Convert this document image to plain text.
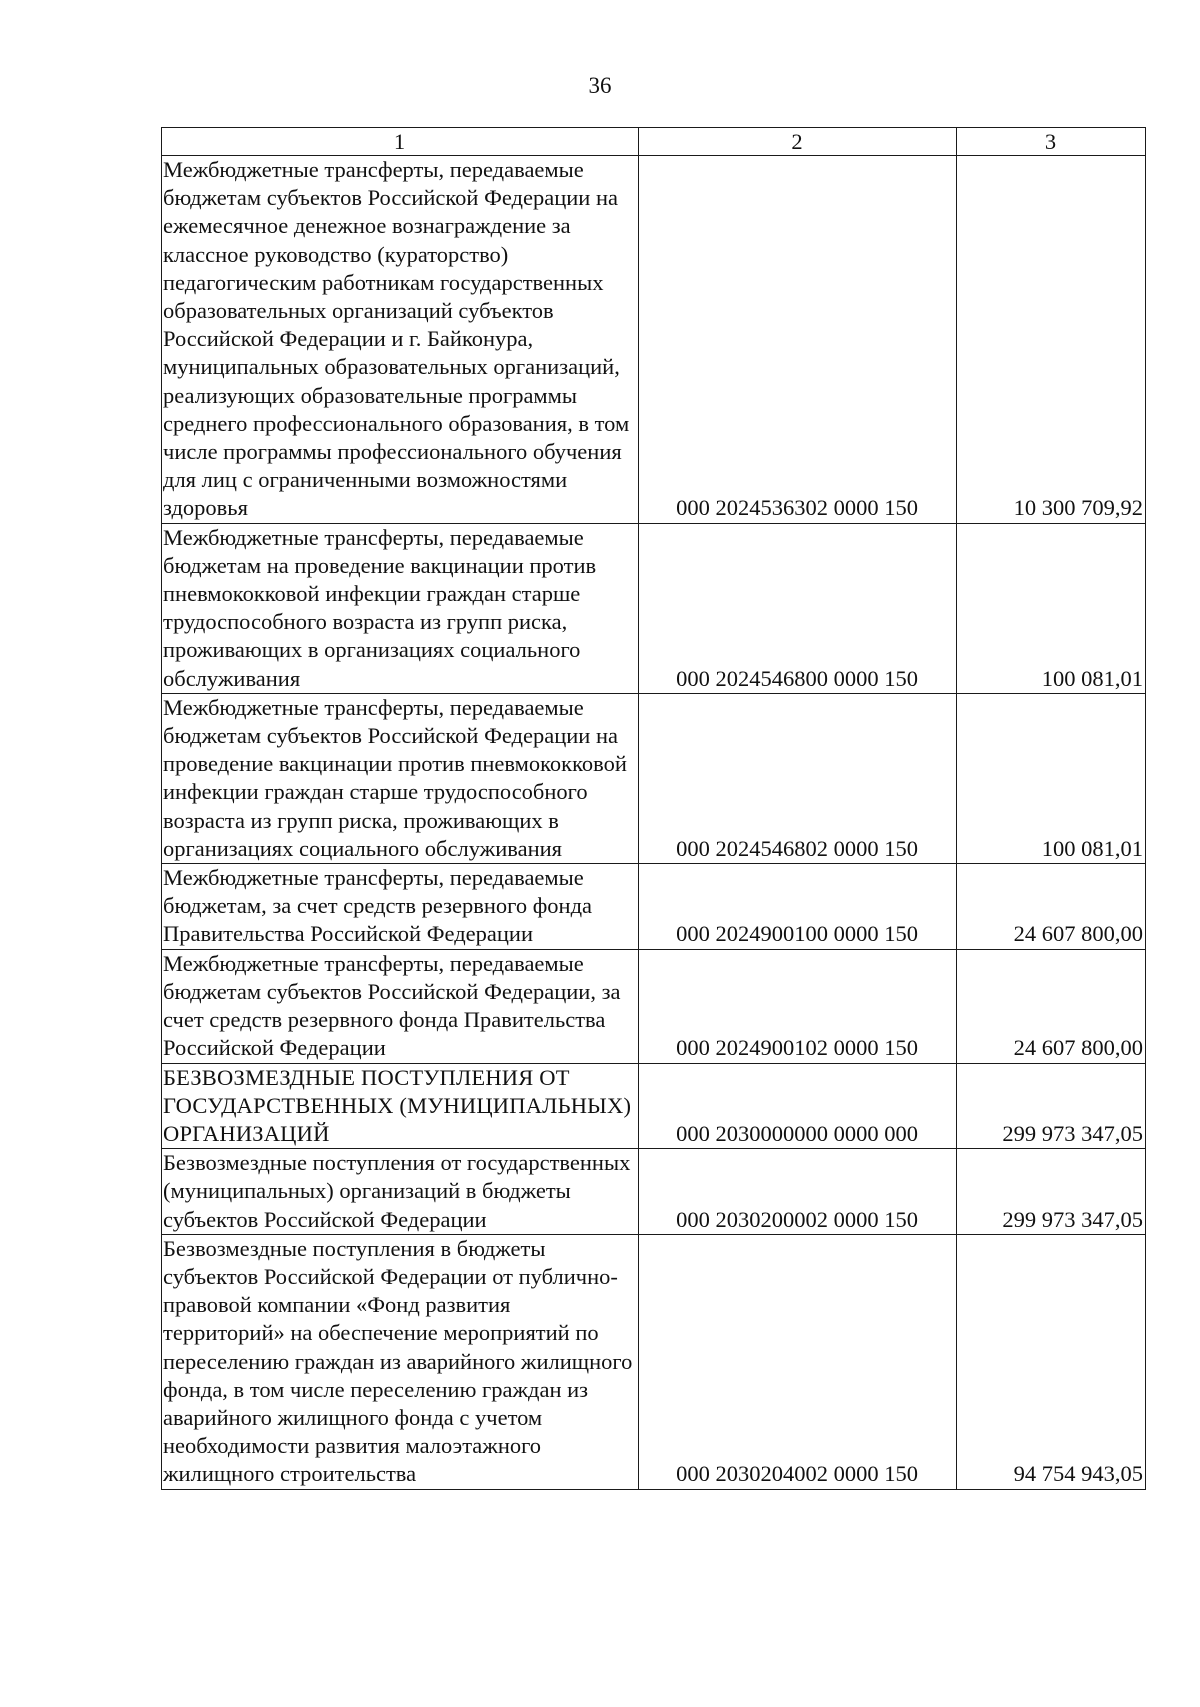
36
1	2	3

Межбюджетные трансферты, передаваемые бюджетам субъектов Российской Федерации на ежемесячное денежное вознаграждение за классное руководство (кураторство) педагогическим работникам государственных образовательных организаций субъектов Российской Федерации и г. Байконура, муниципальных образовательных организаций, реализующих образовательные программы среднего профессионального образования, в том числе программы профессионального обучения для лиц с ограниченными возможностями здоровья	000 2024536302 0000 150	10 300 709,92

Межбюджетные трансферты, передаваемые бюджетам на проведение вакцинации против пневмококковой инфекции граждан старше трудоспособного возраста из групп риска, проживающих в организациях социального обслуживания	000 2024546800 0000 150	100 081,01

Межбюджетные трансферты, передаваемые бюджетам субъектов Российской Федерации на проведение вакцинации против пневмококковой инфекции граждан старше трудоспособного возраста из групп риска, проживающих в организациях социального обслуживания	000 2024546802 0000 150	100 081,01

Межбюджетные трансферты, передаваемые бюджетам, за счет средств резервного фонда Правительства Российской Федерации	000 2024900100 0000 150	24 607 800,00

Межбюджетные трансферты, передаваемые бюджетам субъектов Российской Федерации, за счет средств резервного фонда Правительства Российской Федерации	000 2024900102 0000 150	24 607 800,00

БЕЗВОЗМЕЗДНЫЕ ПОСТУПЛЕНИЯ ОТ ГОСУДАРСТВЕННЫХ (МУНИЦИПАЛЬНЫХ) ОРГАНИЗАЦИЙ	000 2030000000 0000 000	299 973 347,05

Безвозмездные поступления от государственных (муниципальных) организаций в бюджеты субъектов Российской Федерации	000 2030200002 0000 150	299 973 347,05

Безвозмездные поступления в бюджеты субъектов Российской Федерации от публично-правовой компании «Фонд развития территорий» на обеспечение мероприятий по переселению граждан из аварийного жилищного фонда, в том числе переселению граждан из аварийного жилищного фонда с учетом необходимости развития малоэтажного жилищного строительства	000 2030204002 0000 150	94 754 943,05
